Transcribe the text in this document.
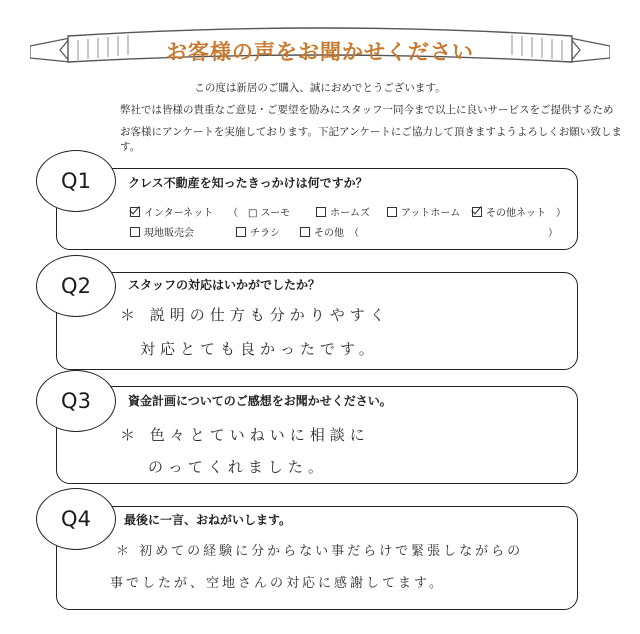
お客様の声をお聞かせください
この度は新居のご購入、誠におめでとうございます。
弊社では皆様の貴重なご意見・ご要望を励みにスタッフ一同今まで以上に良いサービスをご提供するため
お客様にアンケートを実施しております。下記アンケートにご協力して頂きますようよろしくお願い致します。
Q1	クレス不動産を知ったきっかけは何ですか？
インターネット （　□ スーモ	ホームズ	アットホーム	その他ネット　）
現地販売会	チラシ	その他　（	）
Q2	スタッフの対応はいかがでしたか？
＊ 説明の仕方も分かりやすく
対応とても良かったです。
Q3	資金計画についてのご感想をお聞かせください。
＊ 色々とていねいに相談に
のってくれました。
Q4	最後に一言、おねがいします。
＊ 初めての経験に分からない事だらけで緊張しながらの
事でしたが、空地さんの対応に感謝してます。
